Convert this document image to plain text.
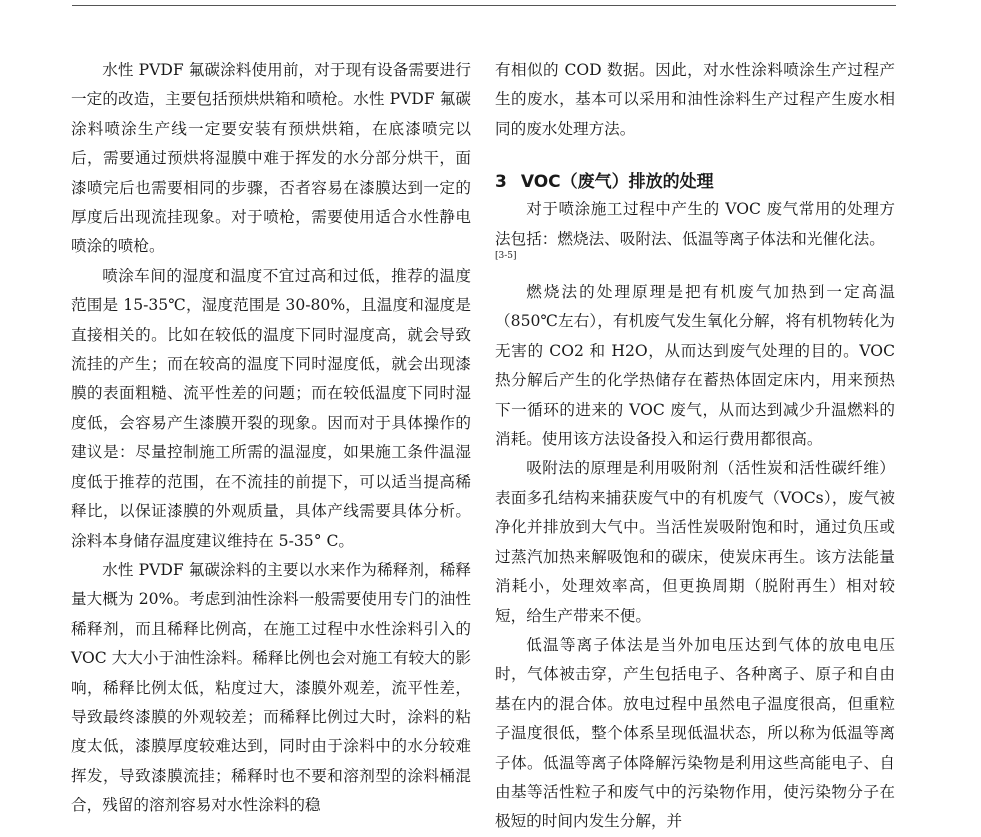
水性 PVDF 氟碳涂料使用前，对于现有设备需要进行一定的改造，主要包括预烘烘箱和喷枪。水性 PVDF 氟碳涂料喷涂生产线一定要安装有预烘烘箱，在底漆喷完以后，需要通过预烘将湿膜中难于挥发的水分部分烘干，面漆喷完后也需要相同的步骤，否者容易在漆膜达到一定的厚度后出现流挂现象。对于喷枪，需要使用适合水性静电喷涂的喷枪。

喷涂车间的湿度和温度不宜过高和过低，推荐的温度范围是 15-35℃，湿度范围是 30-80%，且温度和湿度是直接相关的。比如在较低的温度下同时湿度高，就会导致流挂的产生；而在较高的温度下同时湿度低，就会出现漆膜的表面粗糙、流平性差的问题；而在较低温度下同时湿度低，会容易产生漆膜开裂的现象。因而对于具体操作的建议是：尽量控制施工所需的温湿度，如果施工条件温湿度低于推荐的范围，在不流挂的前提下，可以适当提高稀释比，以保证漆膜的外观质量，具体产线需要具体分析。涂料本身储存温度建议维持在 5-35° C。

水性 PVDF 氟碳涂料的主要以水来作为稀释剂，稀释量大概为 20%。考虑到油性涂料一般需要使用专门的油性稀释剂，而且稀释比例高，在施工过程中水性涂料引入的 VOC 大大小于油性涂料。稀释比例也会对施工有较大的影响，稀释比例太低，粘度过大，漆膜外观差，流平性差，导致最终漆膜的外观较差；而稀释比例过大时，涂料的粘度太低，漆膜厚度较难达到，同时由于涂料中的水分较难挥发，导致漆膜流挂；稀释时也不要和溶剂型的涂料桶混合，残留的溶剂容易对水性涂料的稳

有相似的 COD 数据。因此，对水性涂料喷涂生产过程产生的废水，基本可以采用和油性涂料生产过程产生废水相同的废水处理方法。

3 VOC（废气）排放的处理

对于喷涂施工过程中产生的 VOC 废气常用的处理方法包括：燃烧法、吸附法、低温等离子体法和光催化法。

[3-5]

燃烧法的处理原理是把有机废气加热到一定高温（850℃左右），有机废气发生氧化分解，将有机物转化为无害的 CO2 和 H2O，从而达到废气处理的目的。VOC 热分解后产生的化学热储存在蓄热体固定床内，用来预热下一循环的进来的 VOC 废气，从而达到减少升温燃料的消耗。使用该方法设备投入和运行费用都很高。

吸附法的原理是利用吸附剂（活性炭和活性碳纤维）表面多孔结构来捕获废气中的有机废气（VOCs），废气被净化并排放到大气中。当活性炭吸附饱和时，通过负压或过蒸汽加热来解吸饱和的碳床，使炭床再生。该方法能量消耗小，处理效率高，但更换周期（脱附再生）相对较短，给生产带来不便。

低温等离子体法是当外加电压达到气体的放电电压时，气体被击穿，产生包括电子、各种离子、原子和自由基在内的混合体。放电过程中虽然电子温度很高，但重粒子温度很低，整个体系呈现低温状态，所以称为低温等离子体。低温等离子体降解污染物是利用这些高能电子、自由基等活性粒子和废气中的污染物作用，使污染物分子在极短的时间内发生分解，并
